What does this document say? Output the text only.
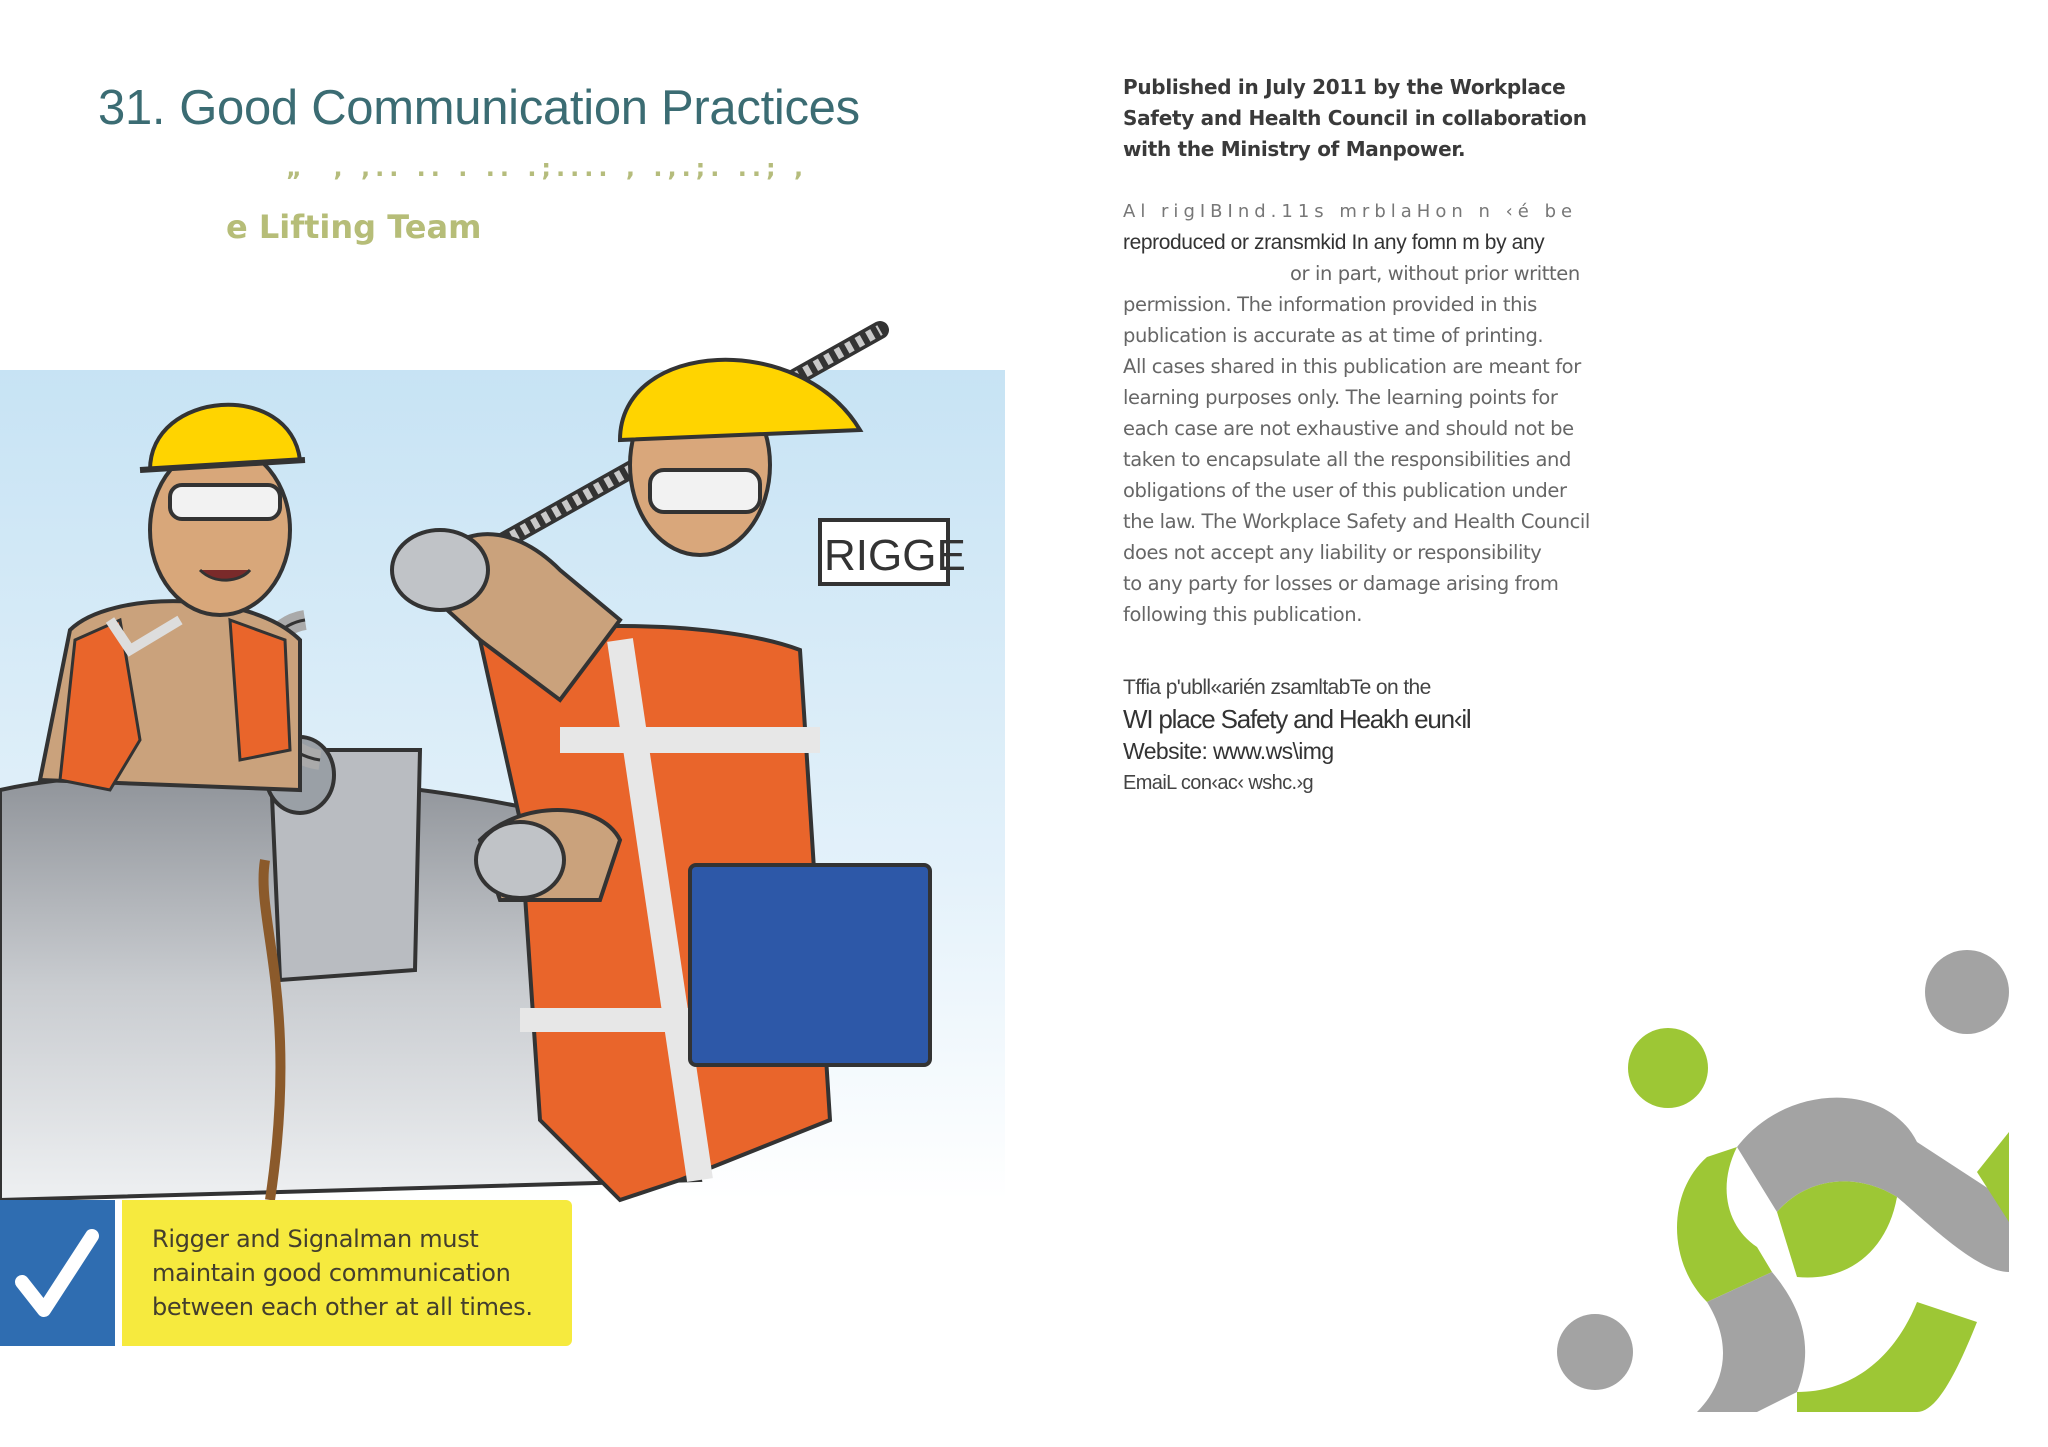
31. Good Communication Practices
„  , ,.. .. . .. .;.... , .,.;. ..; ,
e Lifting Team
RIGGE

Rigger and Signalman must maintain good communication between each other at all times.

Published in July 2011 by the Workplace

Safety and Health Council in collaboration

with the Ministry of Manpower.

Al rigIBInd.11s mrblaHon n ‹é be

reproduced or zransmkid In any fomn m by any

or in part, without prior written

permission. The information provided in this

publication is accurate as at time of printing.

All cases shared in this publication are meant for

learning purposes only. The learning points for

each case are not exhaustive and should not be

taken to encapsulate all the responsibilities and

obligations of the user of this publication under

the law. The Workplace Safety and Health Council

does not accept any liability or responsibility

to any party for losses or damage arising from

following this publication.

Tffia p'ubll«arién zsamltabTe on the

WI place Safety and Heakh eun‹il

Website: www.ws\img

EmaiL con‹ac‹ wshc.›g
